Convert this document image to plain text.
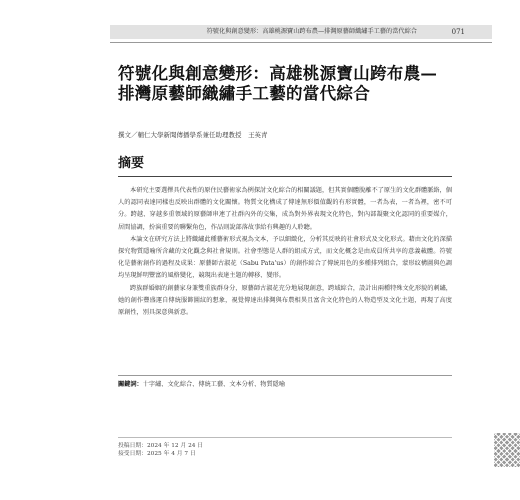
符號化與創意變形：高雄桃源寶山跨布農—排灣原藝師織繡手工藝的當代綜合	071
符號化與創意變形：高雄桃源寶山跨布農—排灣原藝師織繡手工藝的當代綜合
撰文／輔仁大學新聞傳播學系兼任助理教授　王英青
摘要

本研究主要選擇具代表性的原住民藝術家為例探討文化綜合的相關議題，但其實個體脫離不了原生的文化群體脈絡，個人的認同表達同樣也反映出群體的文化關懷。物質文化構成了傳達無形價值觀的有形實體，一者為表，一者為裡，密不可分。跨越、穿越多重領域的原藝師串連了社群內外的交集，成為對外界表現文化特色，對內部凝聚文化認同的重要媒介，居間協調，扮演重要的聯繫角色，作品則說部落故事給有興趣的人聆聽。

本論文在研究方法上將織繡此種藝術形式視為文本，予以細緻化，分析其反映的社會形式及文化形式。藉由文化的深描探究物質隱喻所含藏的文化觀念與社會規則。社會型態是人群的組成方式，而文化概念是由成員所共享的意義載體。符號化是藝術創作的過程及成果：原藝師古淑花（Sabu Pata'us）的創作綜合了傳統用色的多種排列組合，蒙形紋構圖與色調均呈現鮮明豐富的風格變化，競現出表達主題的轉移、變形。

跨族群婚姻的創藝家身兼雙重族群身分，原藝師古淑花充分地展現創意，跨域綜合，設計出兩種特殊文化形貌的刺繡，她的創作豐盛運自傳統服飾圖紋的想象，視覺傳達出排灣與布農相異且富含文化特色的人物造型及文化主題，再現了高度原創性，別具深意與新意。

關鍵詞：十字繡、文化綜合、傳統工藝、文本分析、物質隱喻
投稿日期：2024 年 12 月 24 日
接受日期：2025 年 4 月 7 日
